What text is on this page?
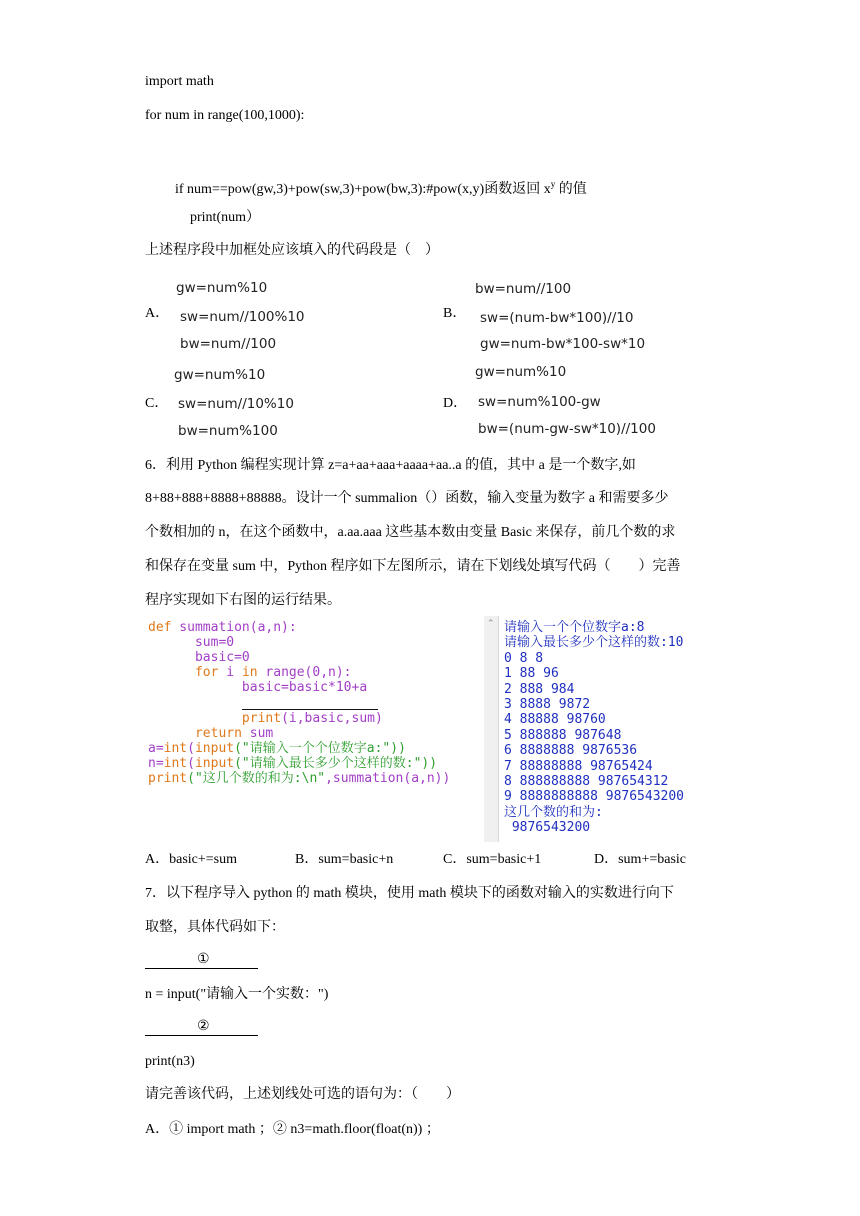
import math
for num in range(100,1000):
if num==pow(gw,3)+pow(sw,3)+pow(bw,3):#pow(x,y)函数返回 $x^y$ 的值
print(num）
上述程序段中加框处应该填入的代码段是（　）
A．
gw=num%10
sw=num//100%10
bw=num//100
B．
bw=num//100
sw=(num-bw*100)//10
gw=num-bw*100-sw*10
C．
gw=num%10
sw=num//10%10
bw=num%100
D．
gw=num%10
sw=num%100-gw
bw=(num-gw-sw*10)//100
6．利用 Python 编程实现计算 z=a+aa+aaa+aaaa+aa..a 的值，其中 a 是一个数字,如
8+88+888+8888+88888。设计一个 summalion（）函数，输入变量为数字 a 和需要多少
个数相加的 n，在这个函数中，a.aa.aaa 这些基本数由变量 Basic 来保存，前几个数的求
和保存在变量 sum 中，Python 程序如下左图所示，请在下划线处填写代码（　　）完善
程序实现如下右图的运行结果。
def summation(a,n):
sum=0
basic=0
for i in range(0,n):
basic=basic*10+a
print(i,basic,sum)
return sum
a=int(input("请输入一个个位数字a:"))
n=int(input("请输入最长多少个这样的数:"))
print("这几个数的和为:\n",summation(a,n))
⌃ 请输入一个个位数字a:8
请输入最长多少个这样的数:10
0 8 8
1 88 96
2 888 984
3 8888 9872
4 88888 98760
5 888888 987648
6 8888888 9876536
7 88888888 98765424
8 888888888 987654312
9 8888888888 9876543200
这几个数的和为:
9876543200
A．basic+=sum	B．sum=basic+n	C．sum=basic+1	D．sum+=basic
7．以下程序导入 python 的 math 模块，使用 math 模块下的函数对输入的实数进行向下
取整，具体代码如下：
①
n = input("请输入一个实数：")
②
print(n3)
请完善该代码，上述划线处可选的语句为：（　　）
A．① import math ；② n3=math.floor(float(n)) ；
